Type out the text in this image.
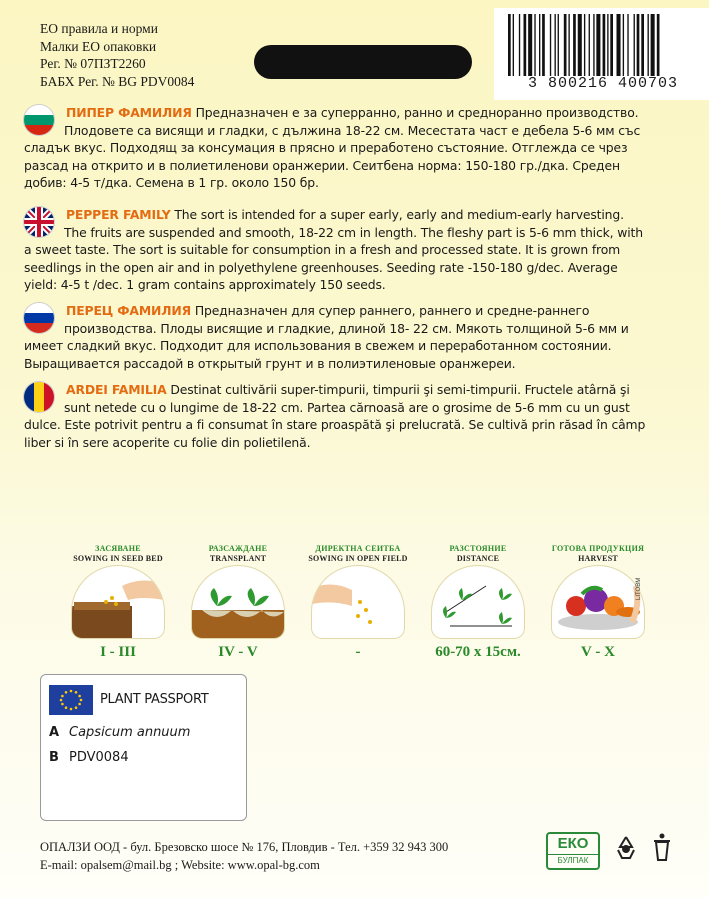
ЕО правила и норми
Малки ЕО опаковки
Рег. № 07ПЗТ2260
БАБХ Рег. № BG PDV0084	3 800216 400703
ПИПЕР ФАМИЛИЯ Предназначен е за суперранно, ранно и средноранно производство.
Плодовете са висящи и гладки, с дължина 18-22 см. Месестата част е дебела 5-6 мм със
сладък вкус. Подходящ за консумация в прясно и преработено състояние. Отглежда се чрез
разсад на открито и в полиетиленови оранжерии. Сеитбена норма: 150-180 гр./дка. Среден
добив: 4-5 т/дка. Семена в 1 гр. около 150 бр.
PEPPER FAMILY The sort is intended for a super early, early and medium-early harvesting.
The fruits are suspended and smooth, 18-22 cm in length. The fleshy part is 5-6 mm thick, with
a sweet taste. The sort is suitable for consumption in a fresh and processed state. It is grown from
seedlings in the open air and in polyethylene greenhouses. Seeding rate -150-180 g/dec. Average
yield: 4-5 t /dec. 1 gram contains approximately 150 seeds.
ПЕРЕЦ ФАМИЛИЯ Предназначен для супер раннего, раннего и средне-раннего
производства. Плоды висящие и гладкие, длиной 18- 22 см. Мякоть толщиной 5-6 мм и
имеет сладкий вкус. Подходит для использования в свежем и переработанном состоянии.
Выращивается рассадой в открытый грунт и в полиэтиленовые оранжереи.
ARDEI FAMILIA Destinat cultivării super-timpurii, timpurii şi semi-timpurii. Fructele atârnă şi
sunt netede cu o lungime de 18-22 cm. Partea cărnoasă are o grosime de 5-6 mm cu un gust
dulce. Este potrivit pentru a fi consumat în stare proaspătă şi prelucrată. Se cultivă prin răsad în câmp
liber si în sere acoperite cu folie din polietilenă.
ЗАСЯВАНЕ
SOWING IN SEED BED
I - III
РАЗСАЖДАНЕ
TRANSPLANT
IV - V
ДИРЕКТНА СЕИТБА
SOWING IN OPEN FIELD
-
РАЗСТОЯНИЕ
DISTANCE
60-70 x 15см.
ГОТОВА ПРОДУКЦИЯ
HARVEST
V - X
LITOBM
PLANT PASSPORT
A Capsicum annuum
B PDV0084
ОПАЛЗИ ООД - бул. Брезовско шосе № 176, Пловдив - Тел. +359 32 943 300
E-mail: opalsem@mail.bg ; Website: www.opal-bg.com
ЕКО
БУЛПАК
